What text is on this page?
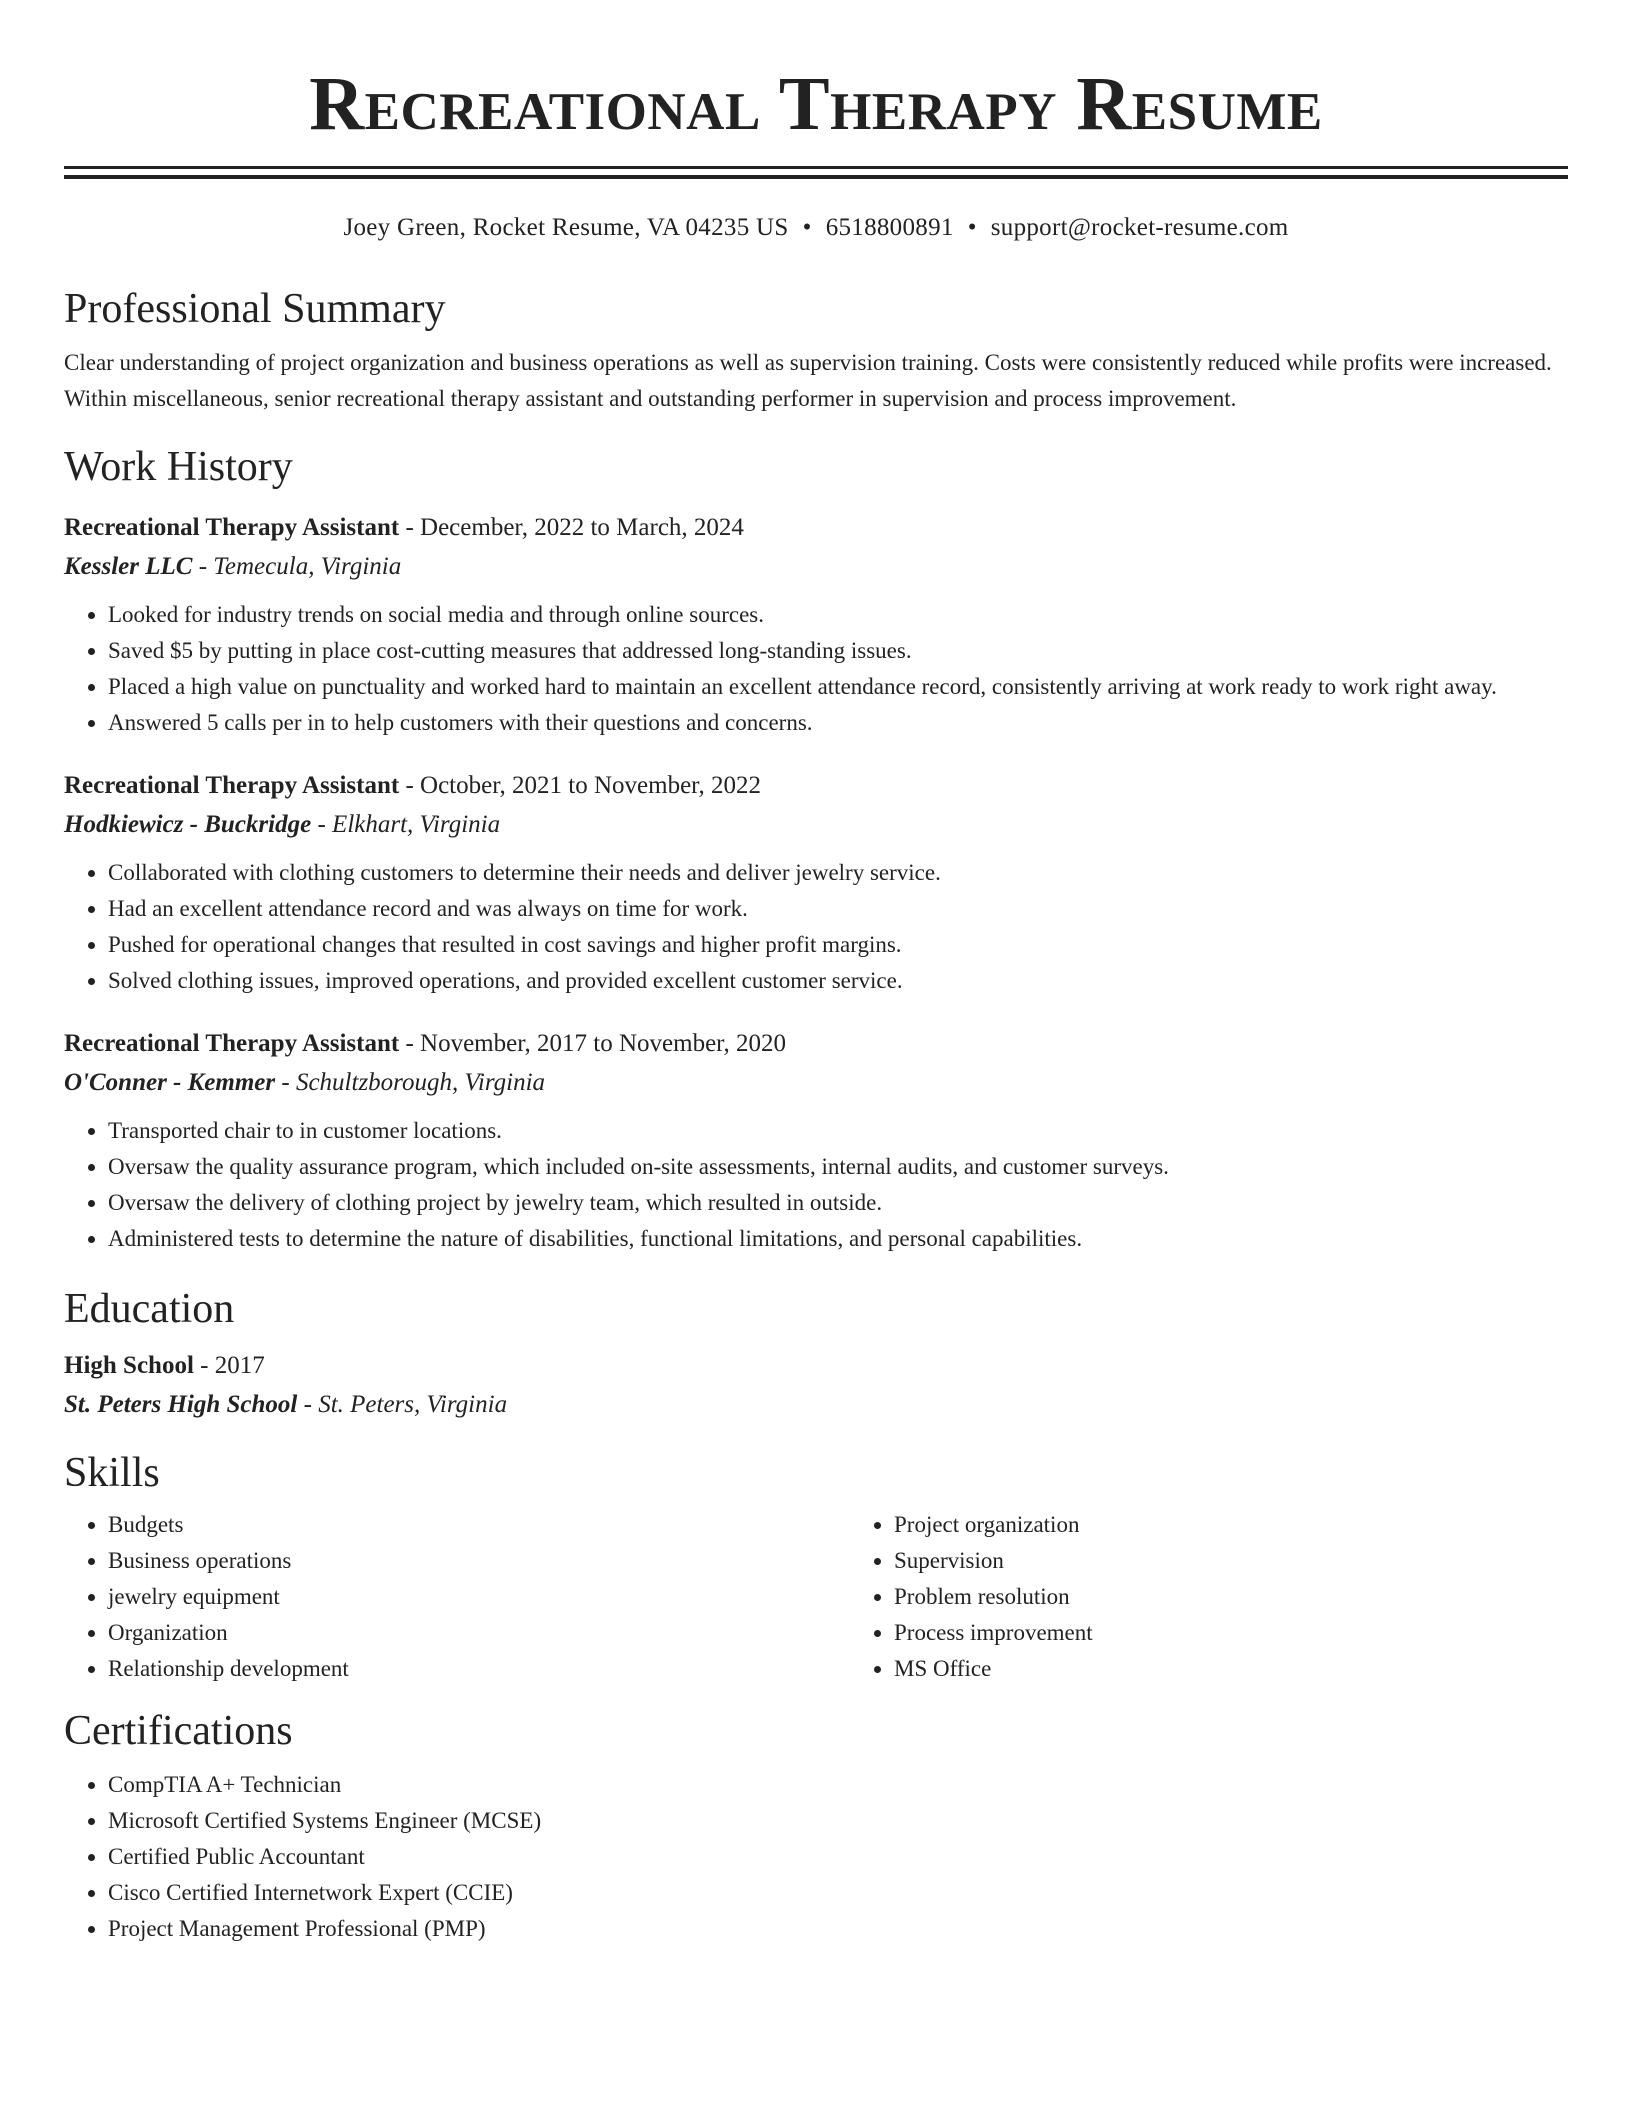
Recreational Therapy Resume
Joey Green, Rocket Resume, VA 04235 US • 6518800891 • support@rocket-resume.com
Professional Summary
Clear understanding of project organization and business operations as well as supervision training. Costs were consistently reduced while profits were increased. Within miscellaneous, senior recreational therapy assistant and outstanding performer in supervision and process improvement.
Work History
Recreational Therapy Assistant - December, 2022 to March, 2024
Kessler LLC - Temecula, Virginia
• Looked for industry trends on social media and through online sources.
• Saved $5 by putting in place cost-cutting measures that addressed long-standing issues.
• Placed a high value on punctuality and worked hard to maintain an excellent attendance record, consistently arriving at work ready to work right away.
• Answered 5 calls per in to help customers with their questions and concerns.
Recreational Therapy Assistant - October, 2021 to November, 2022
Hodkiewicz - Buckridge - Elkhart, Virginia
• Collaborated with clothing customers to determine their needs and deliver jewelry service.
• Had an excellent attendance record and was always on time for work.
• Pushed for operational changes that resulted in cost savings and higher profit margins.
• Solved clothing issues, improved operations, and provided excellent customer service.
Recreational Therapy Assistant - November, 2017 to November, 2020
O'Conner - Kemmer - Schultzborough, Virginia
• Transported chair to in customer locations.
• Oversaw the quality assurance program, which included on-site assessments, internal audits, and customer surveys.
• Oversaw the delivery of clothing project by jewelry team, which resulted in outside.
• Administered tests to determine the nature of disabilities, functional limitations, and personal capabilities.
Education
High School - 2017
St. Peters High School - St. Peters, Virginia
Skills
• Budgets
• Business operations
• jewelry equipment
• Organization
• Relationship development
• Project organization
• Supervision
• Problem resolution
• Process improvement
• MS Office
Certifications
• CompTIA A+ Technician
• Microsoft Certified Systems Engineer (MCSE)
• Certified Public Accountant
• Cisco Certified Internetwork Expert (CCIE)
• Project Management Professional (PMP)
